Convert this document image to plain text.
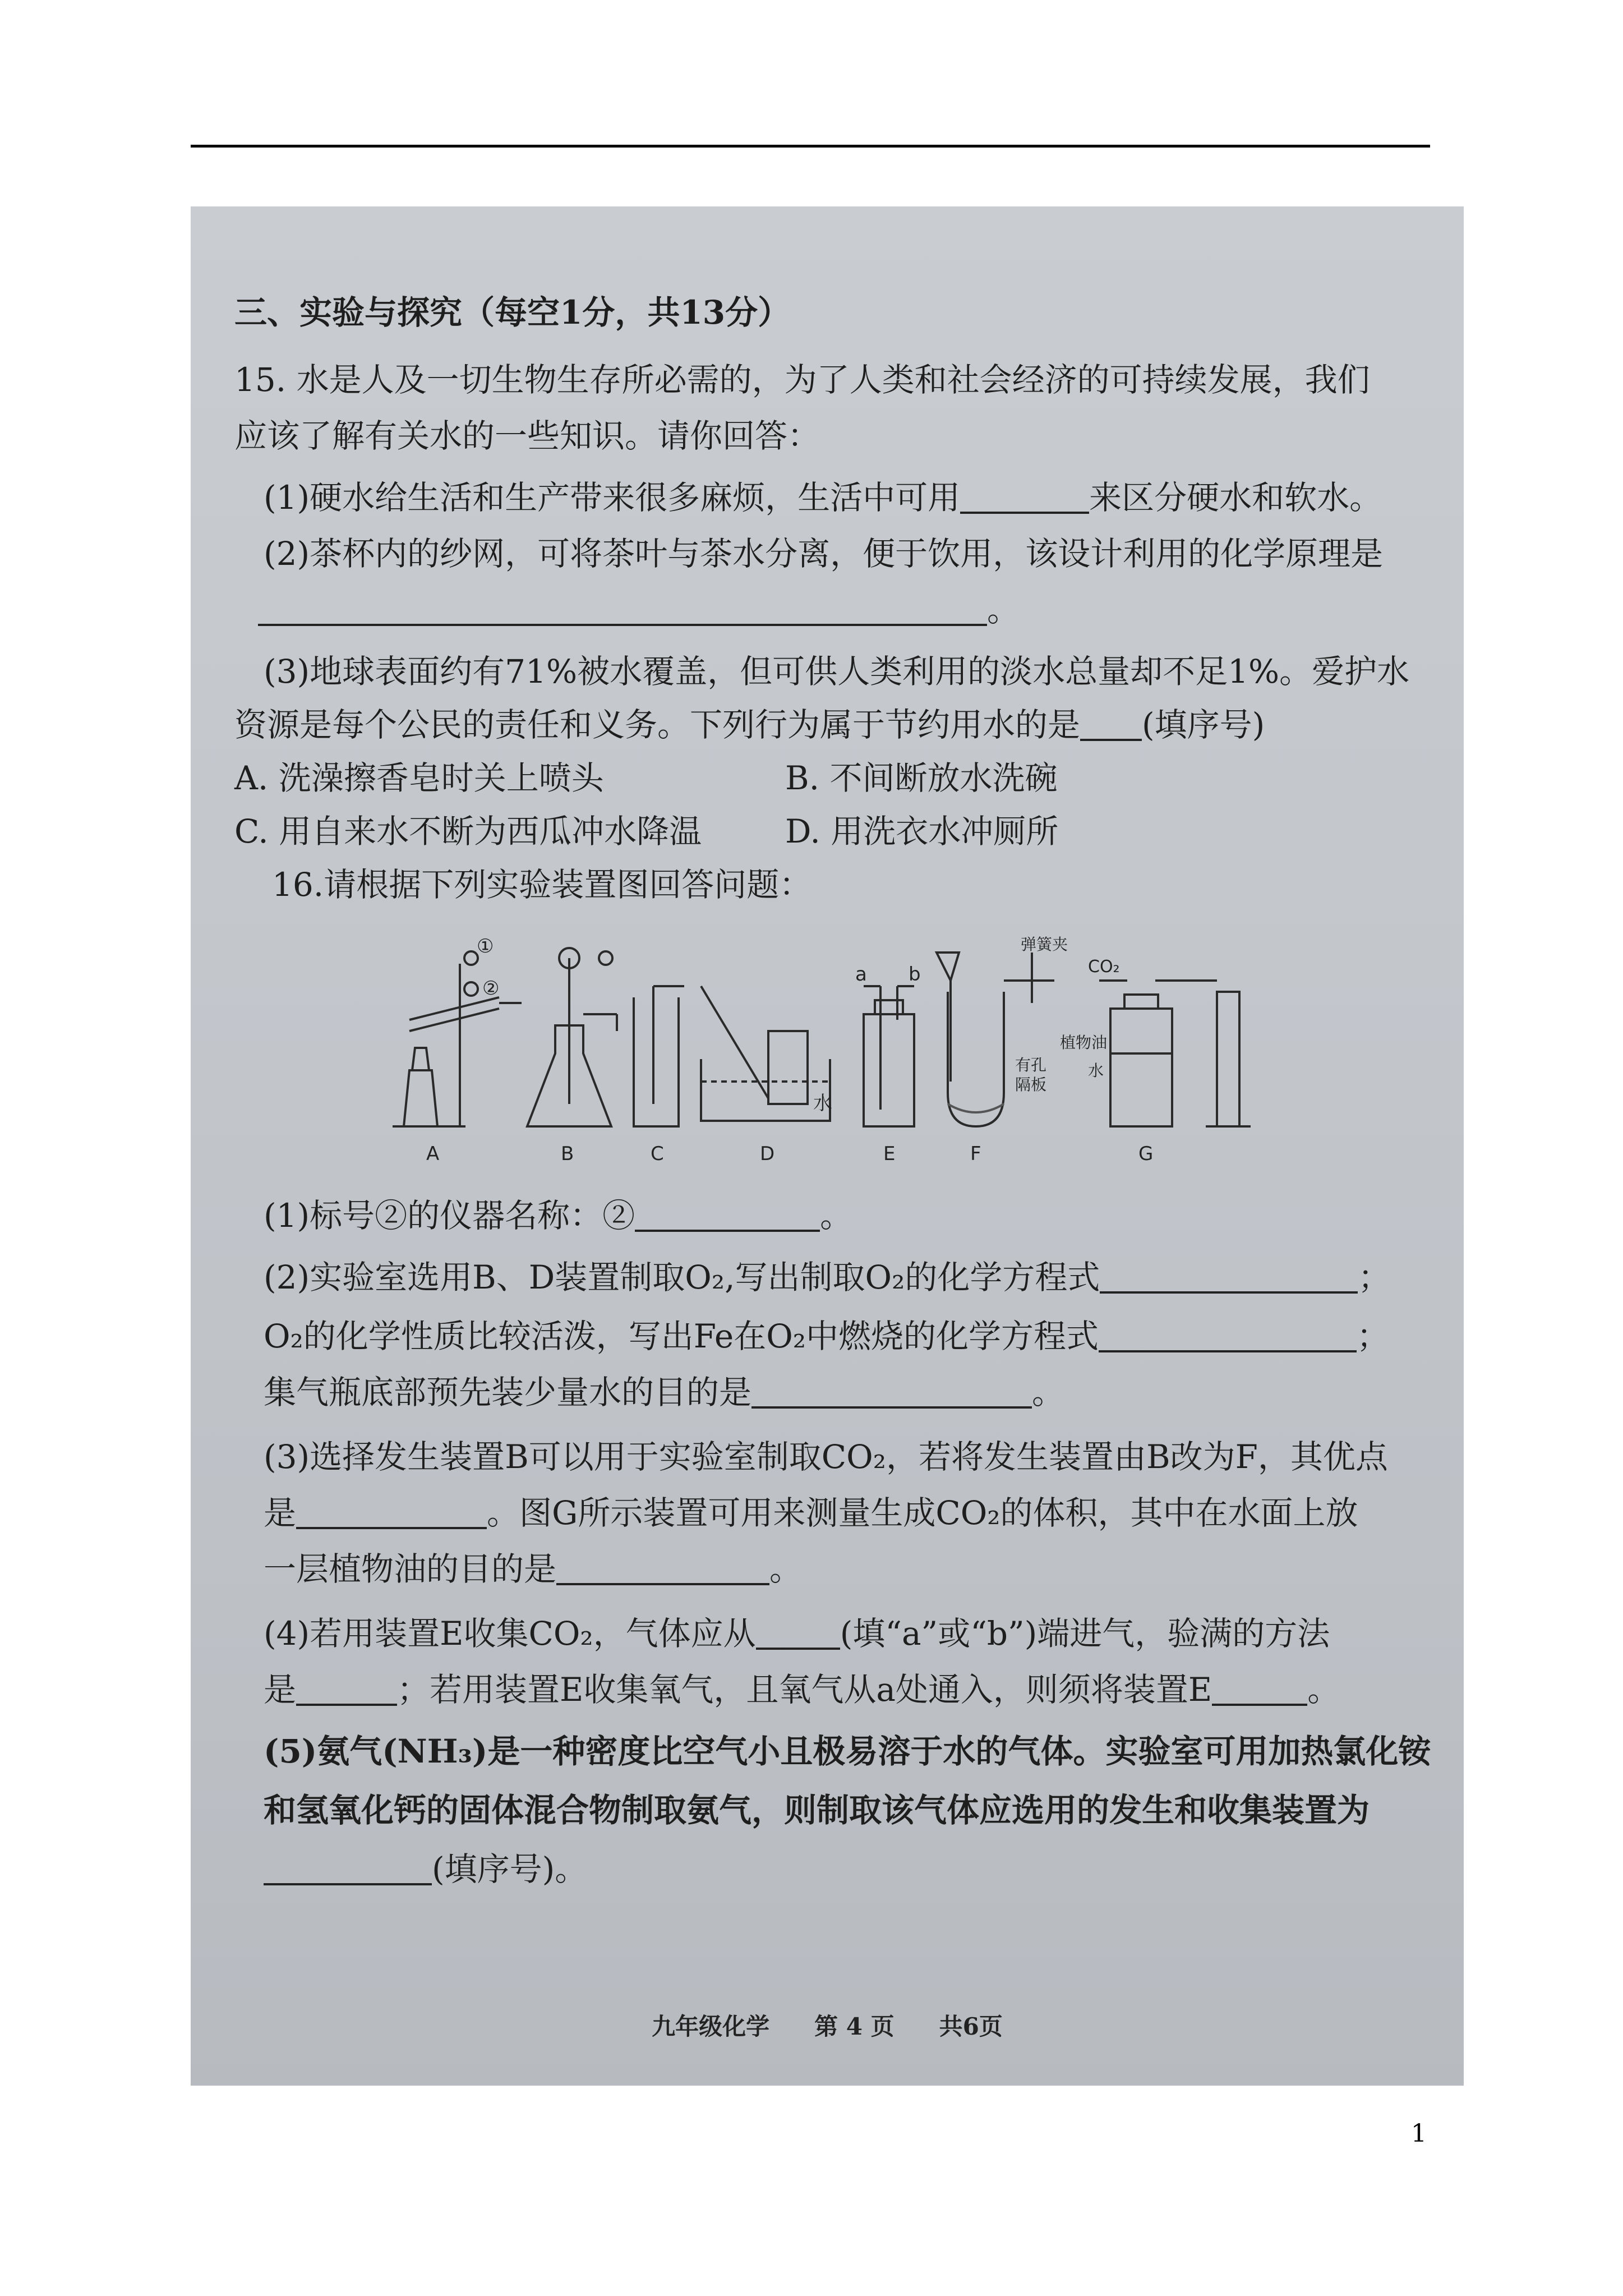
三、实验与探究（每空1分，共13分）
15. 水是人及一切生物生存所必需的，为了人类和社会经济的可持续发展，我们
应该了解有关水的一些知识。请你回答：
(1)硬水给生活和生产带来很多麻烦，生活中可用	来区分硬水和软水。
(2)茶杯内的纱网，可将茶叶与茶水分离，便于饮用，该设计利用的化学原理是
。
(3)地球表面约有71%被水覆盖，但可供人类利用的淡水总量却不足1%。爱护水
资源是每个公民的责任和义务。下列行为属于节约用水的是 (填序号)
A. 洗澡擦香皂时关上喷头	B. 不间断放水洗碗
C. 用自来水不断为西瓜冲水降温	D. 用洗衣水冲厕所
16.请根据下列实验装置图回答问题：
①
②
水
a b
弹簧夹
有孔
隔板
CO₂
植物油
水
A	B	C	D	E	F	G
(1)标号②的仪器名称：②	。
(2)实验室选用B、D装置制取O₂,写出制取O₂的化学方程式	；
O₂的化学性质比较活泼，写出Fe在O₂中燃烧的化学方程式	；
集气瓶底部预先装少量水的目的是	。
(3)选择发生装置B可以用于实验室制取CO₂，若将发生装置由B改为F，其优点
是	。图G所示装置可用来测量生成CO₂的体积，其中在水面上放
一层植物油的目的是	。
(4)若用装置E收集CO₂，气体应从	(填“a”或“b”)端进气，验满的方法
是	；若用装置E收集氧气，且氧气从a处通入，则须将装置E	。
(5)氨气(NH₃)是一种密度比空气小且极易溶于水的气体。实验室可用加热氯化铵
和氢氧化钙的固体混合物制取氨气，则制取该气体应选用的发生和收集装置为
(填序号)。
九年级化学 第 4 页 共6页
1
